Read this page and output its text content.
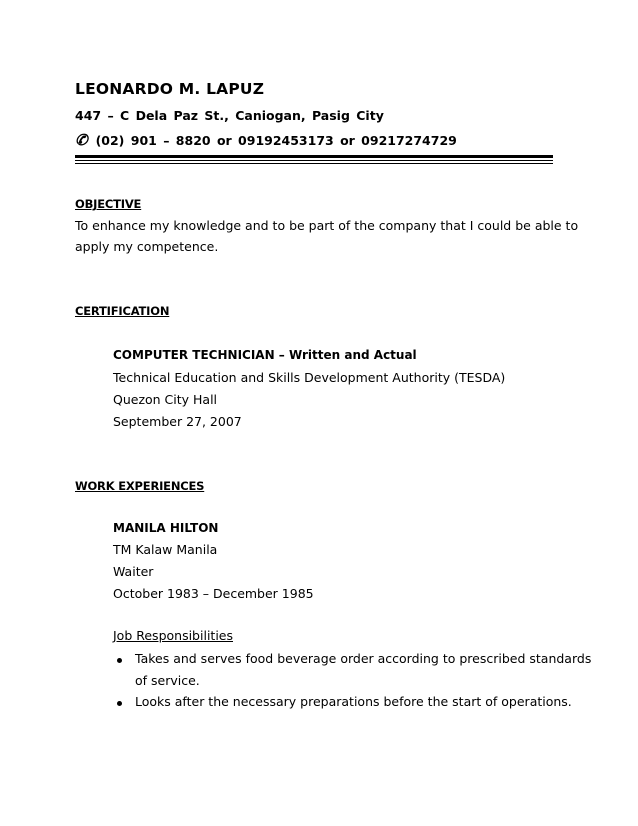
LEONARDO M. LAPUZ
447 – C Dela Paz St., Caniogan, Pasig City
✆ (02) 901 – 8820 or 09192453173 or 09217274729
OBJECTIVE
To enhance my knowledge and to be part of the company that I could be able to
apply my competence.
CERTIFICATION
COMPUTER TECHNICIAN – Written and Actual
Technical Education and Skills Development Authority (TESDA)
Quezon City Hall
September 27, 2007
WORK EXPERIENCES
MANILA HILTON
TM Kalaw Manila
Waiter
October 1983 – December 1985
Job Responsibilities
Takes and serves food beverage order according to prescribed standards
of service.
Looks after the necessary preparations before the start of operations.
